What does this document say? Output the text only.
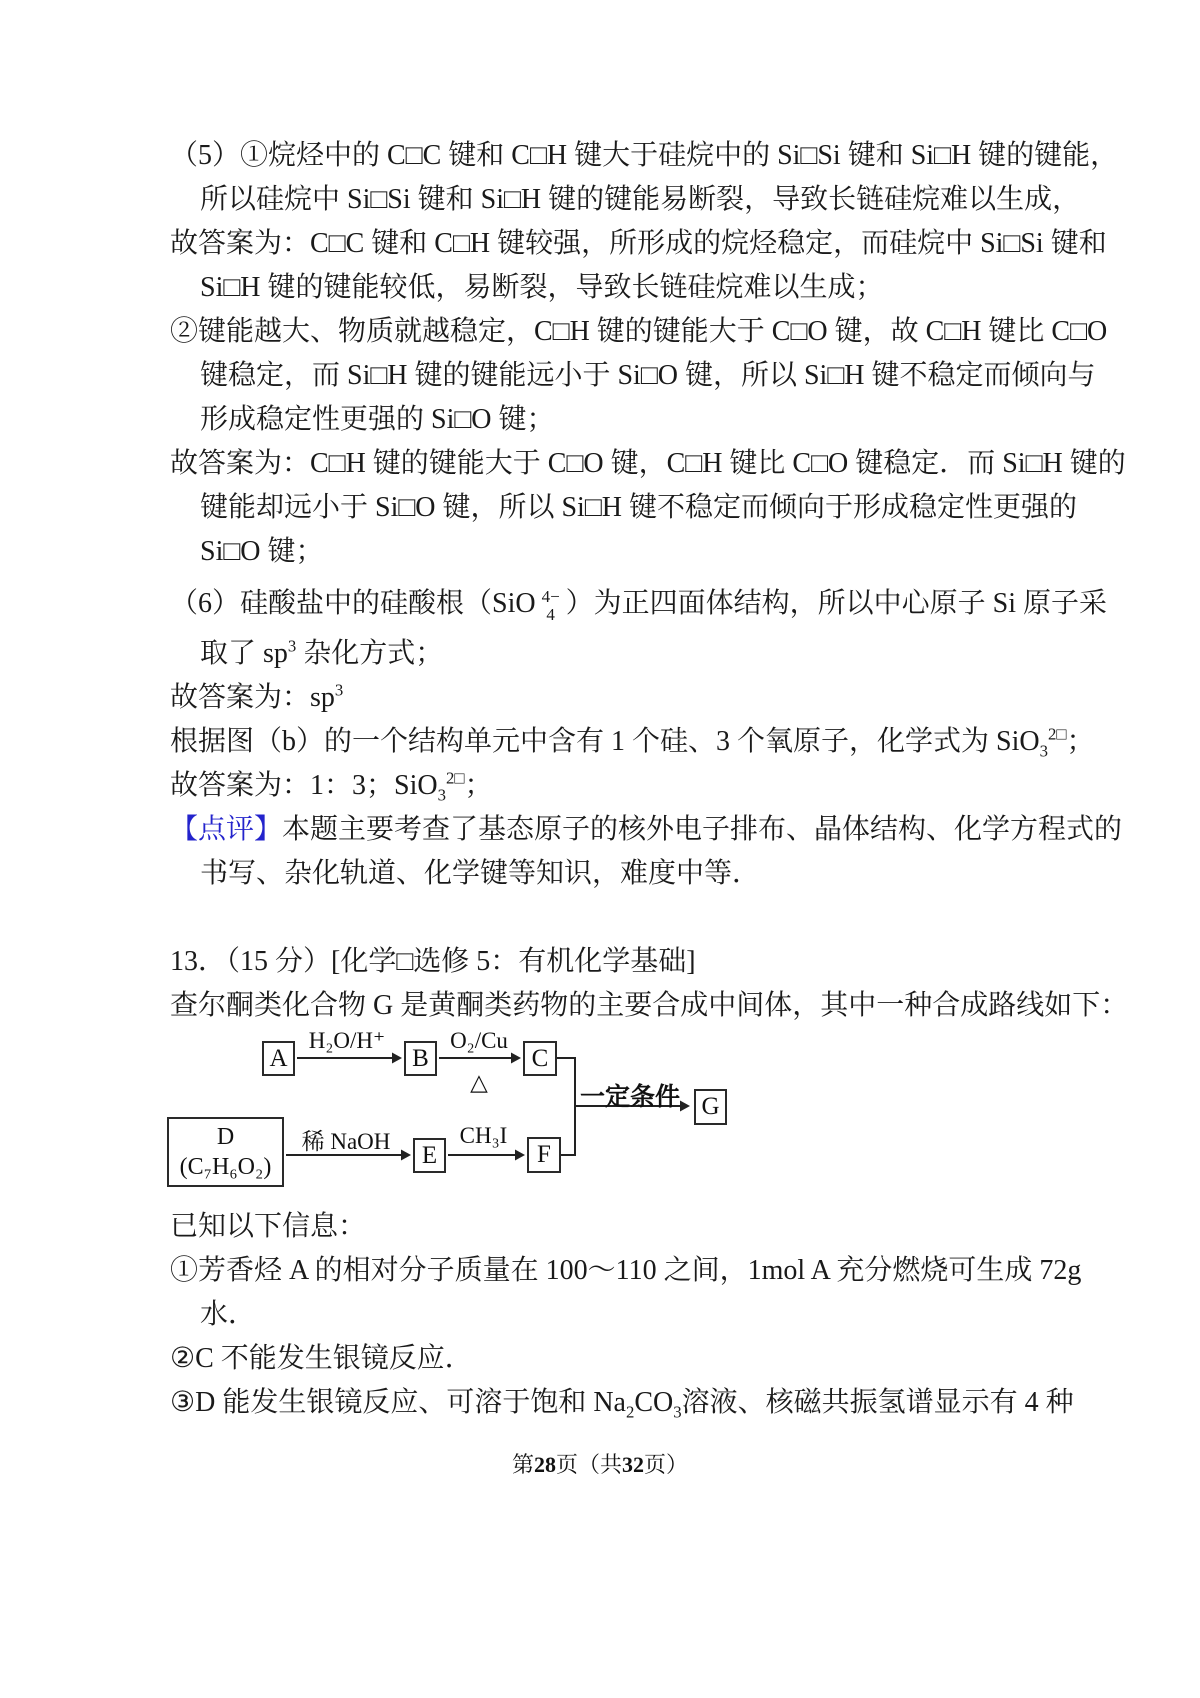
（5）①烷烃中的 C□C 键和 C□H 键大于硅烷中的 Si□Si 键和 Si□H 键的键能，
所以硅烷中 Si□Si 键和 Si□H 键的键能易断裂，导致长链硅烷难以生成，
故答案为：C□C 键和 C□H 键较强，所形成的烷烃稳定，而硅烷中 Si□Si 键和
Si□H 键的键能较低，易断裂，导致长链硅烷难以生成；
②键能越大、物质就越稳定，C□H 键的键能大于 C□O 键，故 C□H 键比 C□O
键稳定，而 Si□H 键的键能远小于 Si□O 键，所以 Si□H 键不稳定而倾向与
形成稳定性更强的 Si□O 键；
故答案为：C□H 键的键能大于 C□O 键，C□H 键比 C□O 键稳定．而 Si□H 键的
键能却远小于 Si□O 键，所以 Si□H 键不稳定而倾向于形成稳定性更强的
Si□O 键；
（6）硅酸盐中的硅酸根（SiO 4−
4 ）为正四面体结构，所以中心原子 Si 原子采
取了 $sp^3$ 杂化方式；
故答案为：$sp^3$
根据图（b）的一个结构单元中含有 1 个硅、3 个氧原子，化学式为 SiO$_3^{2□}$；
故答案为：1：3；SiO$_3^{2□}$；
【点评】本题主要考查了基态原子的核外电子排布、晶体结构、化学方程式的
书写、杂化轨道、化学键等知识，难度中等．
13．（15 分）[化学□选修 5：有机化学基础]
查尔酮类化合物 G 是黄酮类药物的主要合成中间体，其中一种合成路线如下：
A	B	C
D
(C₇H₆O₂)	E	F
G
H₂O/H⁺	O₂/Cu
△
稀 NaOH	CH₃I
一定条件
已知以下信息：
①芳香烃 A 的相对分子质量在 100～110 之间，1mol A 充分燃烧可生成 72g
水．
②C 不能发生银镜反应．
③D 能发生银镜反应、可溶于饱和 $Na_2CO_3$溶液、核磁共振氢谱显示有 4 种
第28页（共32页）
